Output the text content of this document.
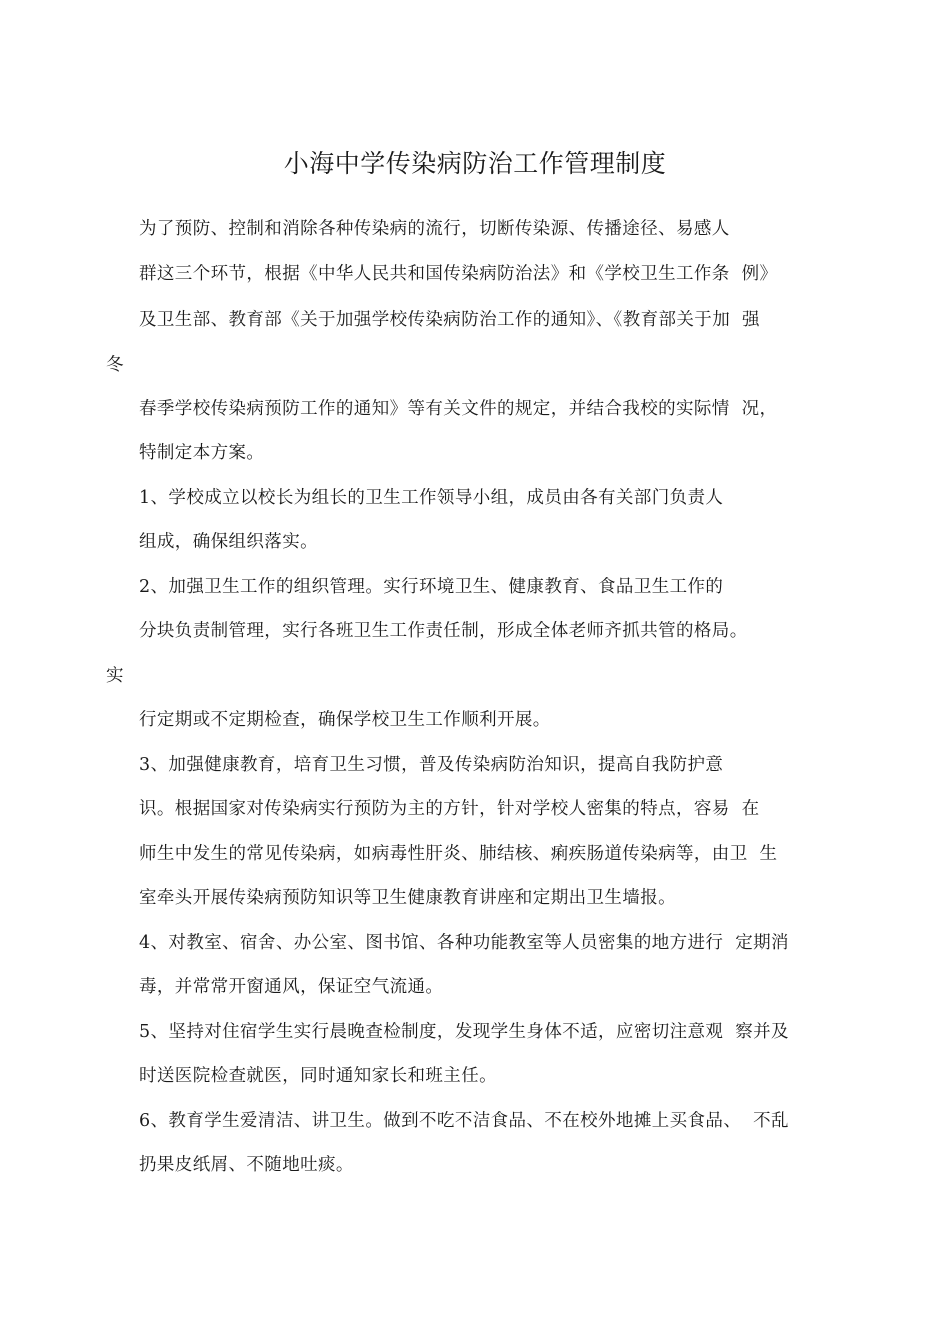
小海中学传染病防治工作管理制度
为了预防、控制和消除各种传染病的流行，切断传染源、传播途径、易感人
群这三个环节，根据《中华人民共和国传染病防治法》和《学校卫生工作条  例》
及卫生部、教育部《关于加强学校传染病防治工作的通知》、《教育部关于加  强
冬
春季学校传染病预防工作的通知》等有关文件的规定，并结合我校的实际情  况，
特制定本方案。
1、学校成立以校长为组长的卫生工作领导小组，成员由各有关部门负责人
组成，确保组织落实。
2、加强卫生工作的组织管理。实行环境卫生、健康教育、食品卫生工作的
分块负责制管理，实行各班卫生工作责任制，形成全体老师齐抓共管的格局。
实
行定期或不定期检查，确保学校卫生工作顺利开展。
3、加强健康教育，培育卫生习惯，普及传染病防治知识，提高自我防护意
识。根据国家对传染病实行预防为主的方针，针对学校人密集的特点，容易  在
师生中发生的常见传染病，如病毒性肝炎、肺结核、痢疾肠道传染病等，由卫  生
室牵头开展传染病预防知识等卫生健康教育讲座和定期出卫生墙报。
4、对教室、宿舍、办公室、图书馆、各种功能教室等人员密集的地方进行  定期消
毒，并常常开窗通风，保证空气流通。
5、坚持对住宿学生实行晨晚查检制度，发现学生身体不适，应密切注意观  察并及
时送医院检查就医，同时通知家长和班主任。
6、教育学生爱清洁、讲卫生。做到不吃不洁食品、不在校外地摊上买食品、  不乱
扔果皮纸屑、不随地吐痰。
